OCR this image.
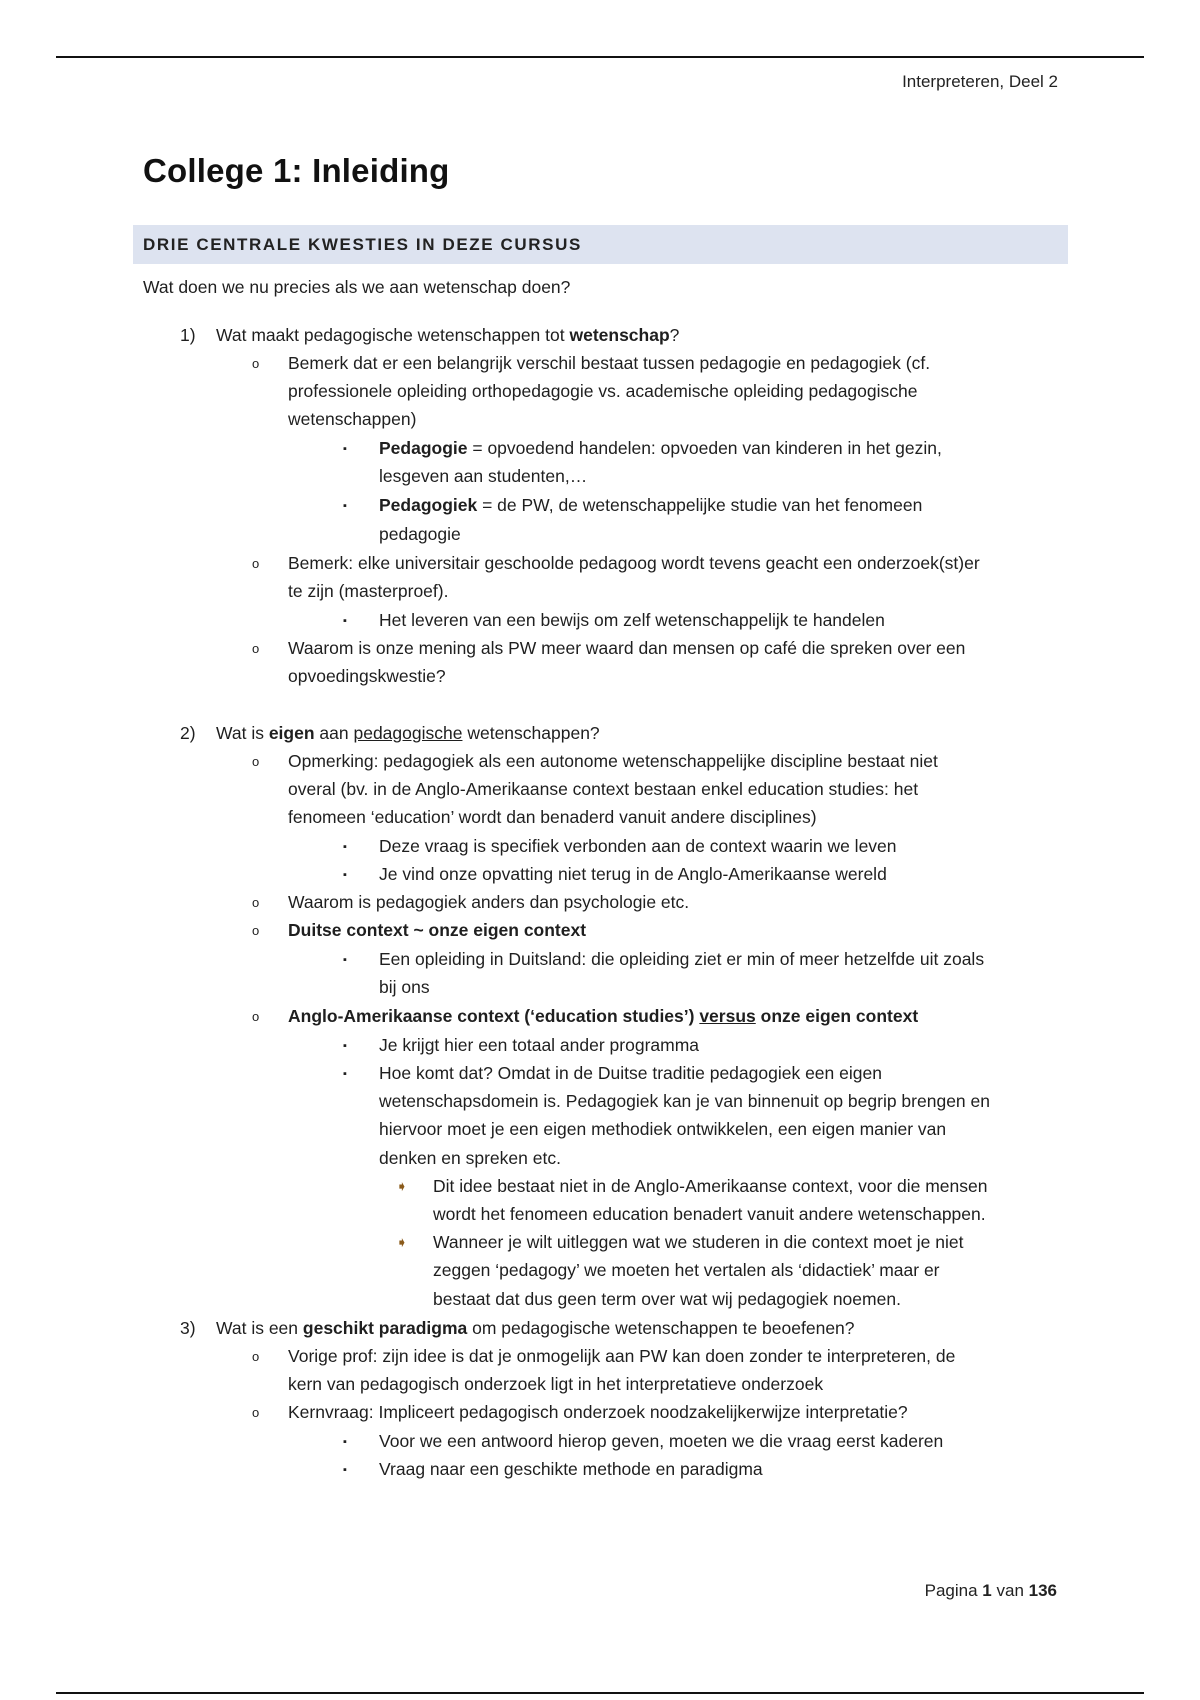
Interpreteren, Deel 2
College 1: Inleiding
DRIE CENTRALE KWESTIES IN DEZE CURSUS
Wat doen we nu precies als we aan wetenschap doen?
1) Wat maakt pedagogische wetenschappen tot wetenschap?
o Bemerk dat er een belangrijk verschil bestaat tussen pedagogie en pedagogiek (cf.
professionele opleiding orthopedagogie vs. academische opleiding pedagogische
wetenschappen)
▪ Pedagogie = opvoedend handelen: opvoeden van kinderen in het gezin,
lesgeven aan studenten,…
▪ Pedagogiek = de PW, de wetenschappelijke studie van het fenomeen
pedagogie
o Bemerk: elke universitair geschoolde pedagoog wordt tevens geacht een onderzoek(st)er
te zijn (masterproef).
▪ Het leveren van een bewijs om zelf wetenschappelijk te handelen
o Waarom is onze mening als PW meer waard dan mensen op café die spreken over een
opvoedingskwestie?
2) Wat is eigen aan pedagogische wetenschappen?
o Opmerking: pedagogiek als een autonome wetenschappelijke discipline bestaat niet
overal (bv. in de Anglo-Amerikaanse context bestaan enkel education studies: het
fenomeen ‘education’ wordt dan benaderd vanuit andere disciplines)
▪ Deze vraag is specifiek verbonden aan de context waarin we leven
▪ Je vind onze opvatting niet terug in de Anglo-Amerikaanse wereld
o Waarom is pedagogiek anders dan psychologie etc.
o Duitse context ~ onze eigen context
▪ Een opleiding in Duitsland: die opleiding ziet er min of meer hetzelfde uit zoals
bij ons
o Anglo-Amerikaanse context (‘education studies’) versus onze eigen context
▪ Je krijgt hier een totaal ander programma
▪ Hoe komt dat? Omdat in de Duitse traditie pedagogiek een eigen
wetenschapsdomein is. Pedagogiek kan je van binnenuit op begrip brengen en
hiervoor moet je een eigen methodiek ontwikkelen, een eigen manier van
denken en spreken etc.
➧ Dit idee bestaat niet in de Anglo-Amerikaanse context, voor die mensen
wordt het fenomeen education benadert vanuit andere wetenschappen.
➧ Wanneer je wilt uitleggen wat we studeren in die context moet je niet
zeggen ‘pedagogy’ we moeten het vertalen als ‘didactiek’ maar er
bestaat dat dus geen term over wat wij pedagogiek noemen.
3) Wat is een geschikt paradigma om pedagogische wetenschappen te beoefenen?
o Vorige prof: zijn idee is dat je onmogelijk aan PW kan doen zonder te interpreteren, de
kern van pedagogisch onderzoek ligt in het interpretatieve onderzoek
o Kernvraag: Impliceert pedagogisch onderzoek noodzakelijkerwijze interpretatie?
▪ Voor we een antwoord hierop geven, moeten we die vraag eerst kaderen
▪ Vraag naar een geschikte methode en paradigma
Pagina 1 van 136
